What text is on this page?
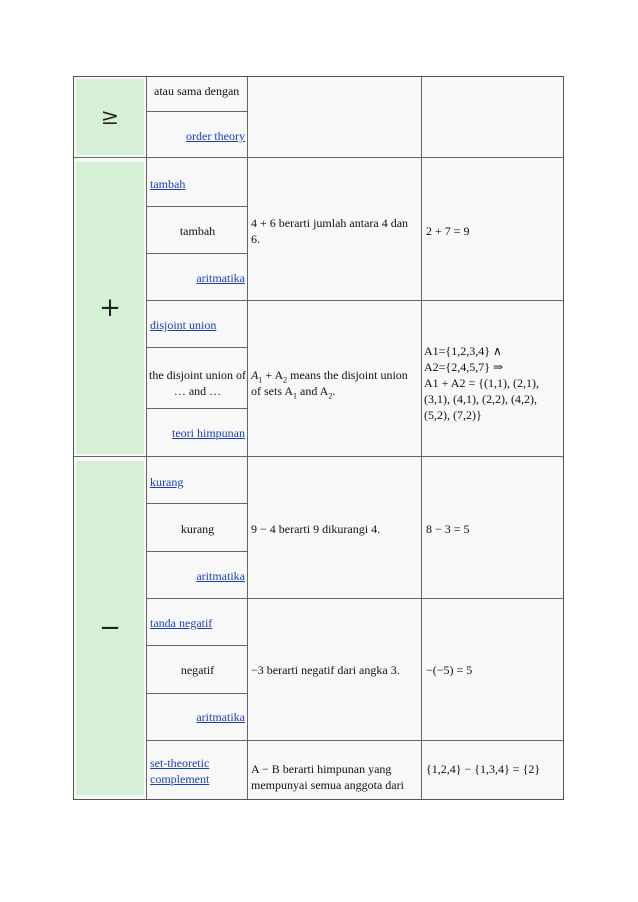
≥
+
−
atau sama dengan
order theory
tambah
tambah
aritmatika
4 + 6 berarti jumlah antara 4 dan 6.
2 + 7 = 9
disjoint union
the disjoint union of … and …
teori himpunan
$A_1 + A_2$ means the disjoint union of sets $A_1$ and $A_2$.
A1={1,2,3,4} ∧
A2={2,4,5,7} ⇒
A1 + A2 = {(1,1), (2,1),
(3,1), (4,1), (2,2), (4,2),
(5,2), (7,2)}
kurang
kurang
aritmatika
9 − 4 berarti 9 dikurangi 4.	8 − 3 = 5
tanda negatif
negatif
aritmatika
−3 berarti negatif dari angka 3.	−(−5) = 5
set-theoretic complement
A − B berarti himpunan yang
mempunyai semua anggota dari
{1,2,4} − {1,3,4} = {2}
